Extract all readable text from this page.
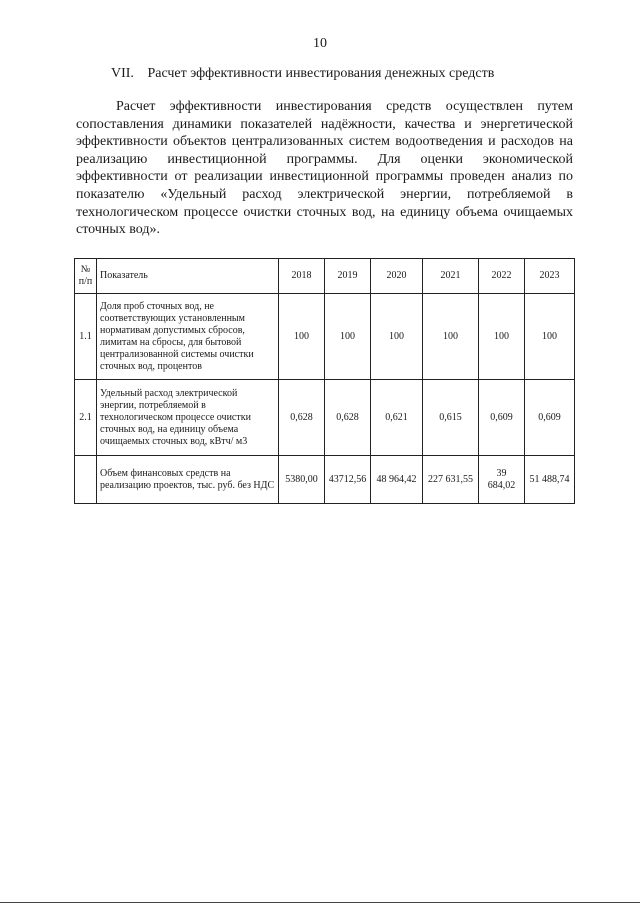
10
VII. Расчет эффективности инвестирования денежных средств

Расчет эффективности инвестирования средств осуществлен путем сопоставления динамики показателей надёжности, качества и энергетической эффективности объектов централизованных систем водоотведения и расходов на реализацию инвестиционной программы. Для оценки экономической эффективности от реализации инвестиционной программы проведен анализ по показателю «Удельный расход электрической энергии, потребляемой в технологическом процессе очистки сточных вод, на единицу объема очищаемых сточных вод».

№ п/п	Показатель	2018	2019	2020	2021	2022	2023
1.1	Доля проб сточных вод, не соответствующих установленным нормативам допустимых сбросов, лимитам на сбросы, для бытовой централизованной системы очистки сточных вод, процентов	100	100	100	100	100	100
2.1	Удельный расход электрической энергии, потребляемой в технологическом процессе очистки сточных вод, на единицу объема очищаемых сточных вод, кВтч/ м3	0,628	0,628	0,621	0,615	0,609	0,609
	Объем финансовых средств на реализацию проектов, тыс. руб. без НДС	5380,00	43712,56	48 964,42	227 631,55	39 684,02	51 488,74
